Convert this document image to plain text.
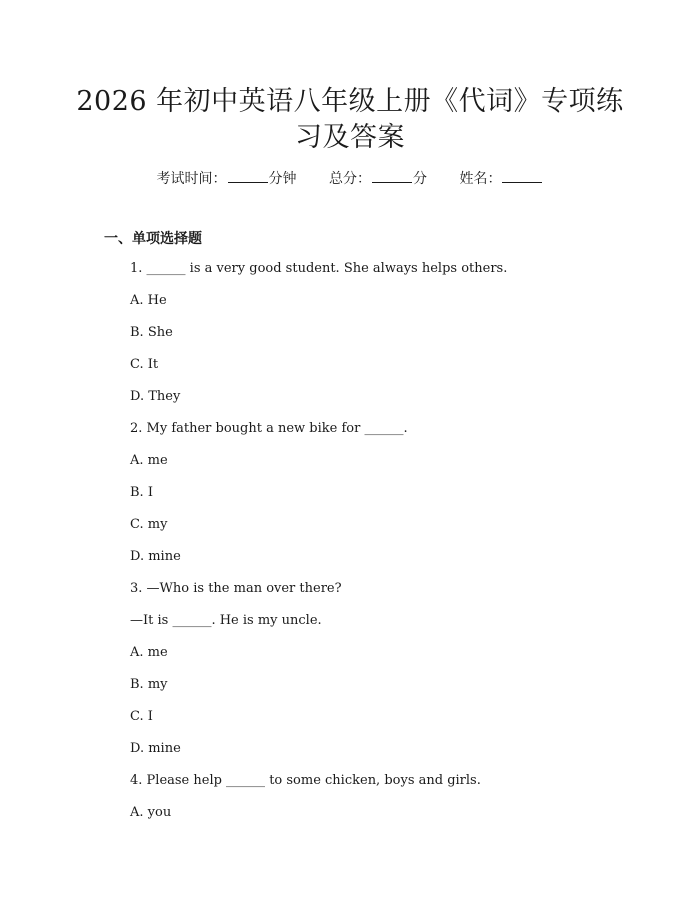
2026 年初中英语八年级上册《代词》专项练
习及答案
考试时间：	分钟 总分：	分 姓名：
一、单项选择题
1. ______ is a very good student. She always helps others.
A. He
B. She
C. It
D. They
2. My father bought a new bike for ______.
A. me
B. I
C. my
D. mine
3. —Who is the man over there?
—It is ______. He is my uncle.
A. me
B. my
C. I
D. mine
4. Please help ______ to some chicken, boys and girls.
A. you
